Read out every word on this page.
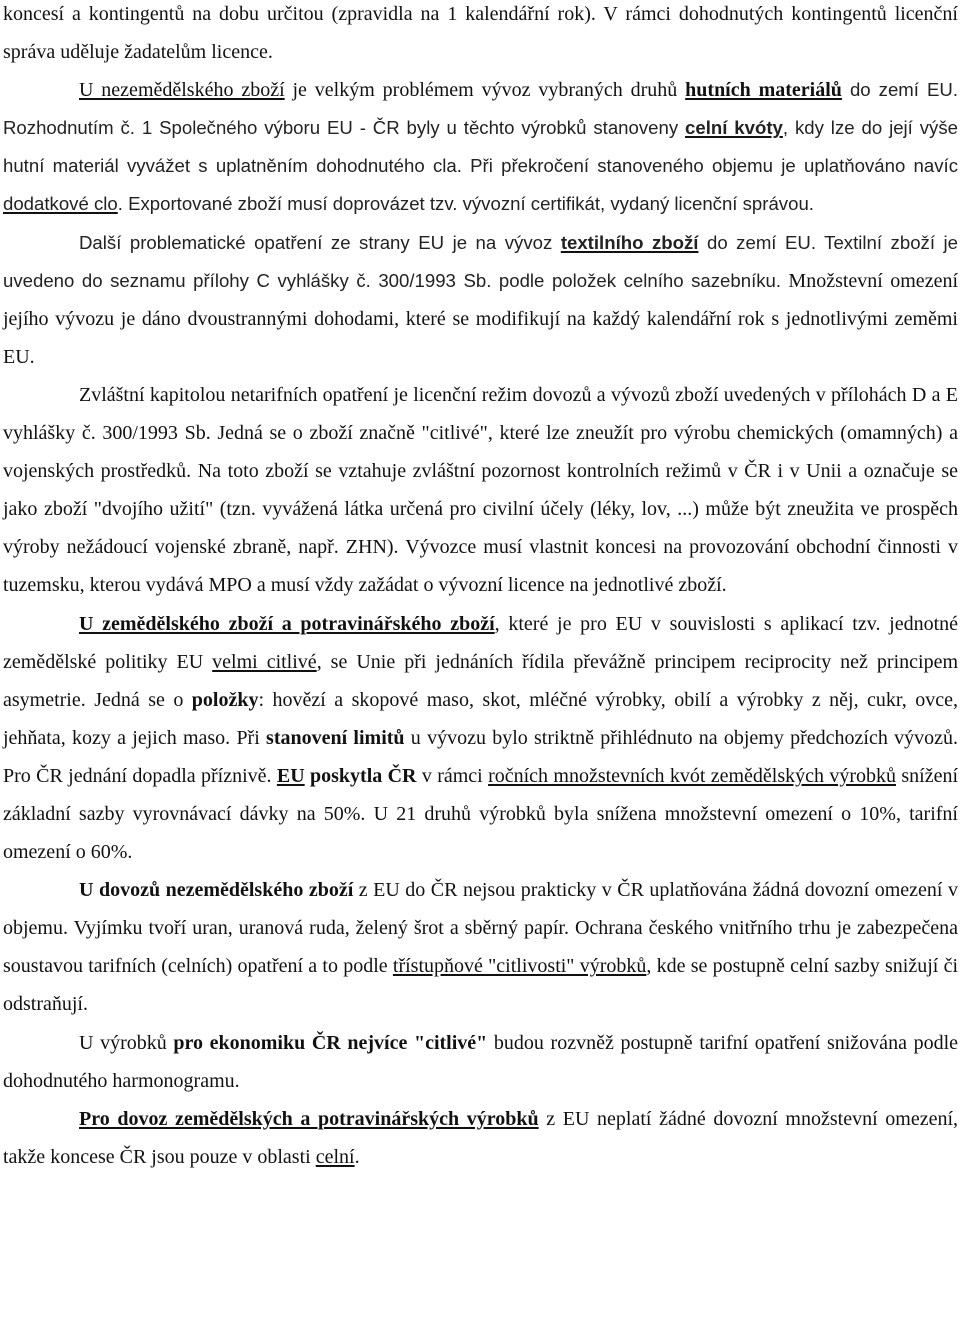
koncesí a kontingentů na dobu určitou (zpravidla na 1 kalendářní rok). V rámci dohodnutých kontingentů licenční správa uděluje žadatelům licence.

U nezemědělského zboží je velkým problémem vývoz vybraných druhů hutních materiálů do zemí EU. Rozhodnutím č. 1 Společného výboru EU - ČR byly u těchto výrobků stanoveny celní kvóty, kdy lze do její výše hutní materiál vyvážet s uplatněním dohodnutého cla. Při překročení stanoveného objemu je uplatňováno navíc dodatkové clo. Exportované zboží musí doprovázet tzv. vývozní certifikát, vydaný licenční správou.

Další problematické opatření ze strany EU je na vývoz textilního zboží do zemí EU. Textilní zboží je uvedeno do seznamu přílohy C vyhlášky č. 300/1993 Sb. podle položek celního sazebníku. Množstevní omezení jejího vývozu je dáno dvoustrannými dohodami, které se modifikují na každý kalendářní rok s jednotlivými zeměmi EU.

Zvláštní kapitolou netarifních opatření je licenční režim dovozů a vývozů zboží uvedených v přílohách D a E vyhlášky č. 300/1993 Sb. Jedná se o zboží značně "citlivé", které lze zneužít pro výrobu chemických (omamných) a vojenských prostředků. Na toto zboží se vztahuje zvláštní pozornost kontrolních režimů v ČR i v Unii a označuje se jako zboží "dvojího užití" (tzn. vyvážená látka určená pro civilní účely (léky, lov, ...) může být zneužita ve prospěch výroby nežádoucí vojenské zbraně, např. ZHN). Vývozce musí vlastnit koncesi na provozování obchodní činnosti v tuzemsku, kterou vydává MPO a musí vždy zažádat o vývozní licence na jednotlivé zboží.

U zemědělského zboží a potravinářského zboží, které je pro EU v souvislosti s aplikací tzv. jednotné zemědělské politiky EU velmi citlivé, se Unie při jednáních řídila převážně principem reciprocity než principem asymetrie. Jedná se o položky: hovězí a skopové maso, skot, mléčné výrobky, obilí a výrobky z něj, cukr, ovce, jehňata, kozy a jejich maso. Při stanovení limitů u vývozu bylo striktně přihlédnuto na objemy předchozích vývozů. Pro ČR jednání dopadla příznivě. EU poskytla ČR v rámci ročních množstevních kvót zemědělských výrobků snížení základní sazby vyrovnávací dávky na 50%. U 21 druhů výrobků byla snížena množstevní omezení o 10%, tarifní omezení o 60%.

U dovozů nezemědělského zboží z EU do ČR nejsou prakticky v ČR uplatňována žádná dovozní omezení v objemu. Vyjímku tvoří uran, uranová ruda, želený šrot a sběrný papír. Ochrana českého vnitřního trhu je zabezpečena soustavou tarifních (celních) opatření a to podle třístupňové "citlivosti" výrobků, kde se postupně celní sazby snižují či odstraňují.

U výrobků pro ekonomiku ČR nejvíce "citlivé" budou rozvněž postupně tarifní opatření snižována podle dohodnutého harmonogramu.

Pro dovoz zemědělských a potravinářských výrobků z EU neplatí žádné dovozní množstevní omezení, takže koncese ČR jsou pouze v oblasti celní.
